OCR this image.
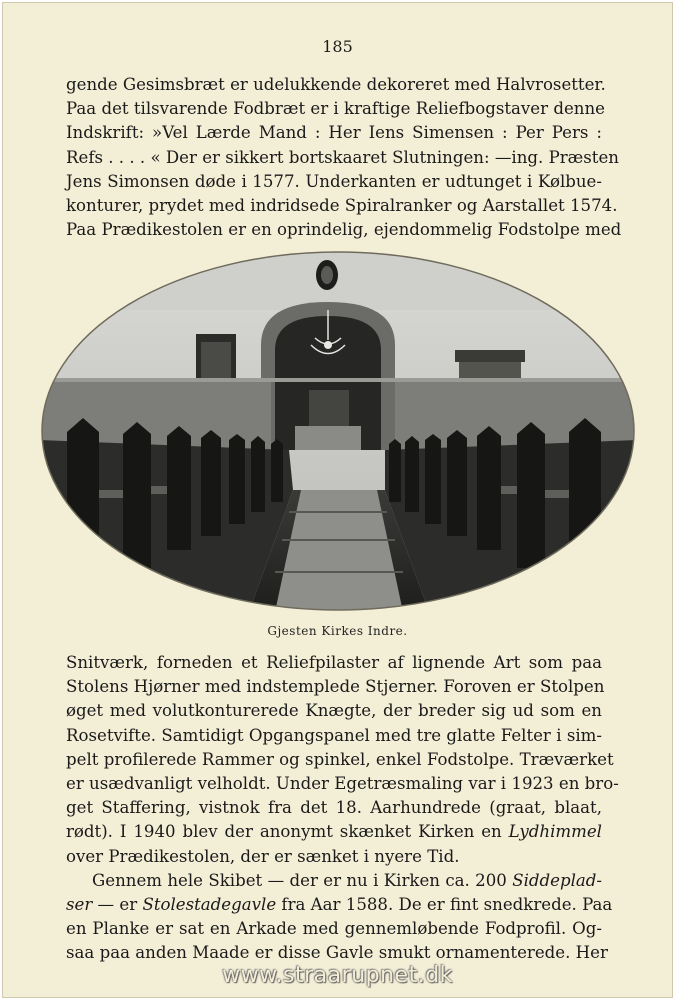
185
gende Gesimsbræt er udelukkende dekoreret med Halvrosetter.
Paa det tilsvarende Fodbræt er i kraftige Reliefbogstaver denne
Indskrift: »Vel Lærde Mand : Her Iens Simensen : Per Pers :
Refs . . . . « Der er sikkert bortskaaret Slutningen: —ing. Præsten
Jens Simonsen døde i 1577. Underkanten er udtunget i Kølbue-
konturer, prydet med indridsede Spiralranker og Aarstallet 1574.
Paa Prædikestolen er en oprindelig, ejendommelig Fodstolpe med
Gjesten Kirkes Indre.
Snitværk, forneden et Reliefpilaster af lignende Art som paa
Stolens Hjørner med indstemplede Stjerner. Foroven er Stolpen
øget med volutkonturerede Knægte, der breder sig ud som en
Rosetvifte. Samtidigt Opgangspanel med tre glatte Felter i sim-
pelt profilerede Rammer og spinkel, enkel Fodstolpe. Træværket
er usædvanligt velholdt. Under Egetræsmaling var i 1923 en bro-
get Staffering, vistnok fra det 18. Aarhundrede (graat, blaat,
rødt). I 1940 blev der anonymt skænket Kirken en Lydhimmel
over Prædikestolen, der er sænket i nyere Tid.
Gennem hele Skibet — der er nu i Kirken ca. 200 Siddeplad-
ser — er Stolestadegavle fra Aar 1588. De er fint snedkrede. Paa
en Planke er sat en Arkade med gennemløbende Fodprofil. Og-
saa paa anden Maade er disse Gavle smukt ornamenterede. Her
www.straarupnet.dk
